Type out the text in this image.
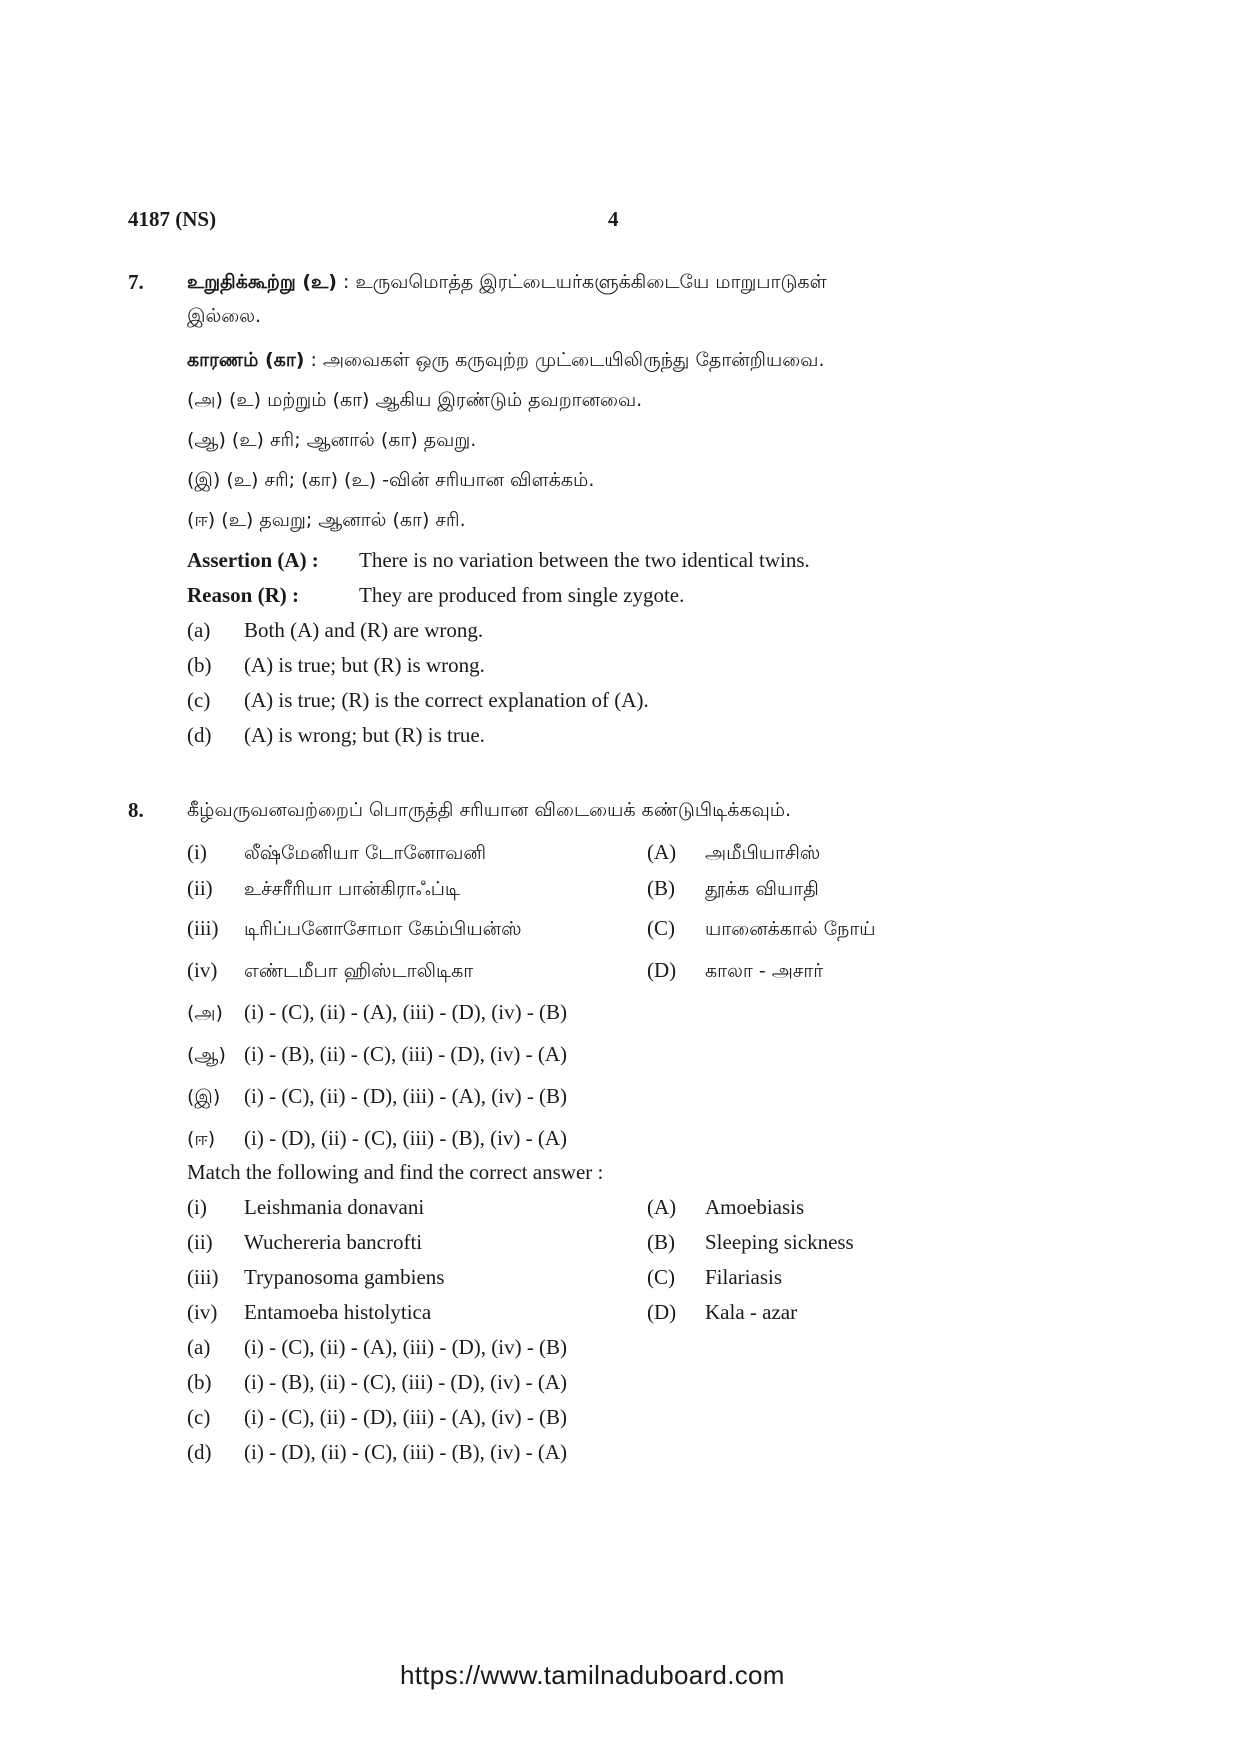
4187 (NS)	4
7. உறுதிக்கூற்று (உ) : உருவமொத்த இரட்டையர்களுக்கிடையே மாறுபாடுகள்
இல்லை.
காரணம் (கா) : அவைகள் ஒரு கருவுற்ற முட்டையிலிருந்து தோன்றியவை.
(அ) (உ) மற்றும் (கா) ஆகிய இரண்டும் தவறானவை.
(ஆ) (உ) சரி; ஆனால் (கா) தவறு.
(இ) (உ) சரி; (கா) (உ) -வின் சரியான விளக்கம்.
(ஈ) (உ) தவறு; ஆனால் (கா) சரி.
Assertion (A) : There is no variation between the two identical twins.
Reason (R) :	They are produced from single zygote.
(a) Both (A) and (R) are wrong.
(b) (A) is true; but (R) is wrong.
(c) (A) is true; (R) is the correct explanation of (A).
(d) (A) is wrong; but (R) is true.
8. கீழ்வருவனவற்றைப் பொருத்தி சரியான விடையைக் கண்டுபிடிக்கவும்.
(i) லீஷ்மேனியா டோனோவனி	(A) அமீபியாசிஸ்
(ii) உச்சரீரியா பான்கிராஃப்டி	(B) தூக்க வியாதி
(iii) டிரிப்பனோசோமா கேம்பியன்ஸ்	(C) யானைக்கால் நோய்
(iv) எண்டமீபா ஹிஸ்டாலிடிகா	(D) காலா - அசார்
(அ) (i) - (C), (ii) - (A), (iii) - (D), (iv) - (B)
(ஆ) (i) - (B), (ii) - (C), (iii) - (D), (iv) - (A)
(இ) (i) - (C), (ii) - (D), (iii) - (A), (iv) - (B)
(ஈ) (i) - (D), (ii) - (C), (iii) - (B), (iv) - (A)
Match the following and find the correct answer :
(i) Leishmania donavani	(A) Amoebiasis
(ii) Wuchereria bancrofti	(B) Sleeping sickness
(iii) Trypanosoma gambiens	(C) Filariasis
(iv) Entamoeba histolytica	(D) Kala - azar
(a) (i) - (C), (ii) - (A), (iii) - (D), (iv) - (B)
(b) (i) - (B), (ii) - (C), (iii) - (D), (iv) - (A)
(c) (i) - (C), (ii) - (D), (iii) - (A), (iv) - (B)
(d) (i) - (D), (ii) - (C), (iii) - (B), (iv) - (A)
https://www.tamilnaduboard.com
